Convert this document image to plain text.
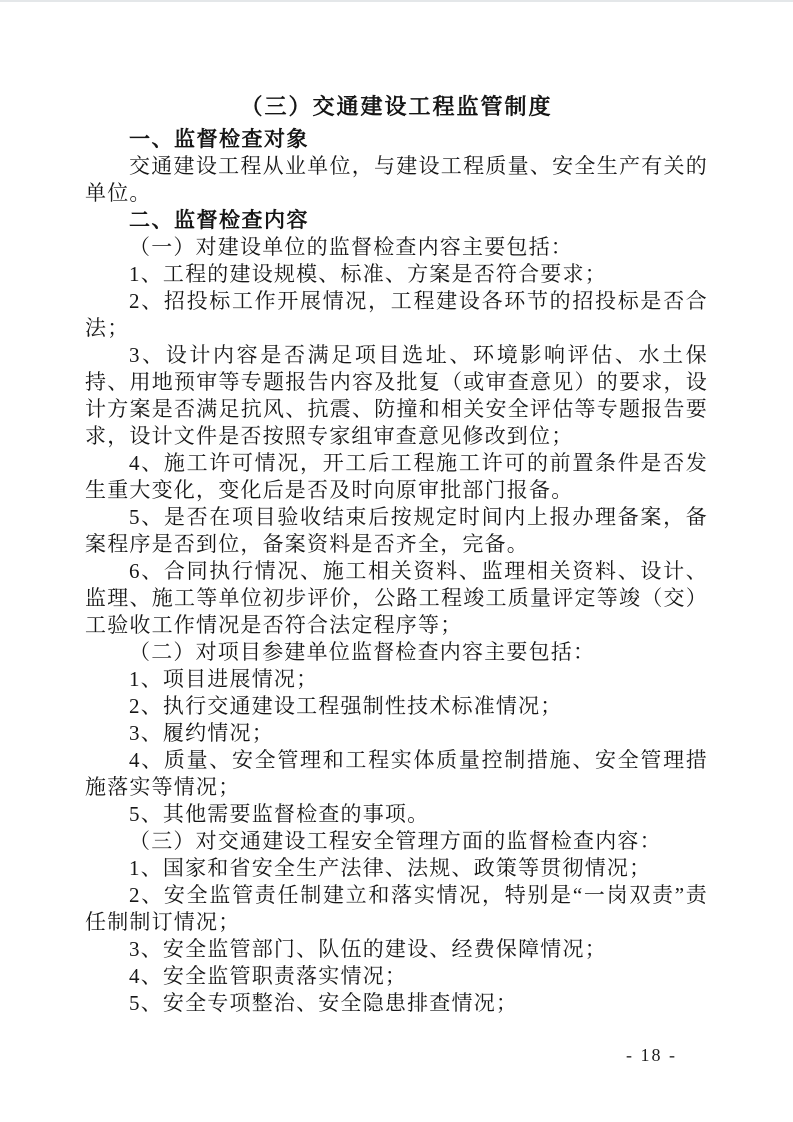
（三）交通建设工程监管制度

一、监督检查对象

交通建设工程从业单位，与建设工程质量、安全生产有关的单位。

二、监督检查内容

（一）对建设单位的监督检查内容主要包括：

1、工程的建设规模、标准、方案是否符合要求；

2、招投标工作开展情况，工程建设各环节的招投标是否合法；

3、设计内容是否满足项目选址、环境影响评估、水土保持、用地预审等专题报告内容及批复（或审查意见）的要求，设计方案是否满足抗风、抗震、防撞和相关安全评估等专题报告要求，设计文件是否按照专家组审查意见修改到位；

4、施工许可情况，开工后工程施工许可的前置条件是否发生重大变化，变化后是否及时向原审批部门报备。

5、是否在项目验收结束后按规定时间内上报办理备案，备案程序是否到位，备案资料是否齐全，完备。

6、合同执行情况、施工相关资料、监理相关资料、设计、监理、施工等单位初步评价，公路工程竣工质量评定等竣（交）工验收工作情况是否符合法定程序等；

（二）对项目参建单位监督检查内容主要包括：

1、项目进展情况；

2、执行交通建设工程强制性技术标准情况；

3、履约情况；

4、质量、安全管理和工程实体质量控制措施、安全管理措施落实等情况；

5、其他需要监督检查的事项。

（三）对交通建设工程安全管理方面的监督检查内容：

1、国家和省安全生产法律、法规、政策等贯彻情况；

2、安全监管责任制建立和落实情况，特别是“一岗双责”责任制制订情况；

3、安全监管部门、队伍的建设、经费保障情况；

4、安全监管职责落实情况；

5、安全专项整治、安全隐患排查情况；

- 18 -
